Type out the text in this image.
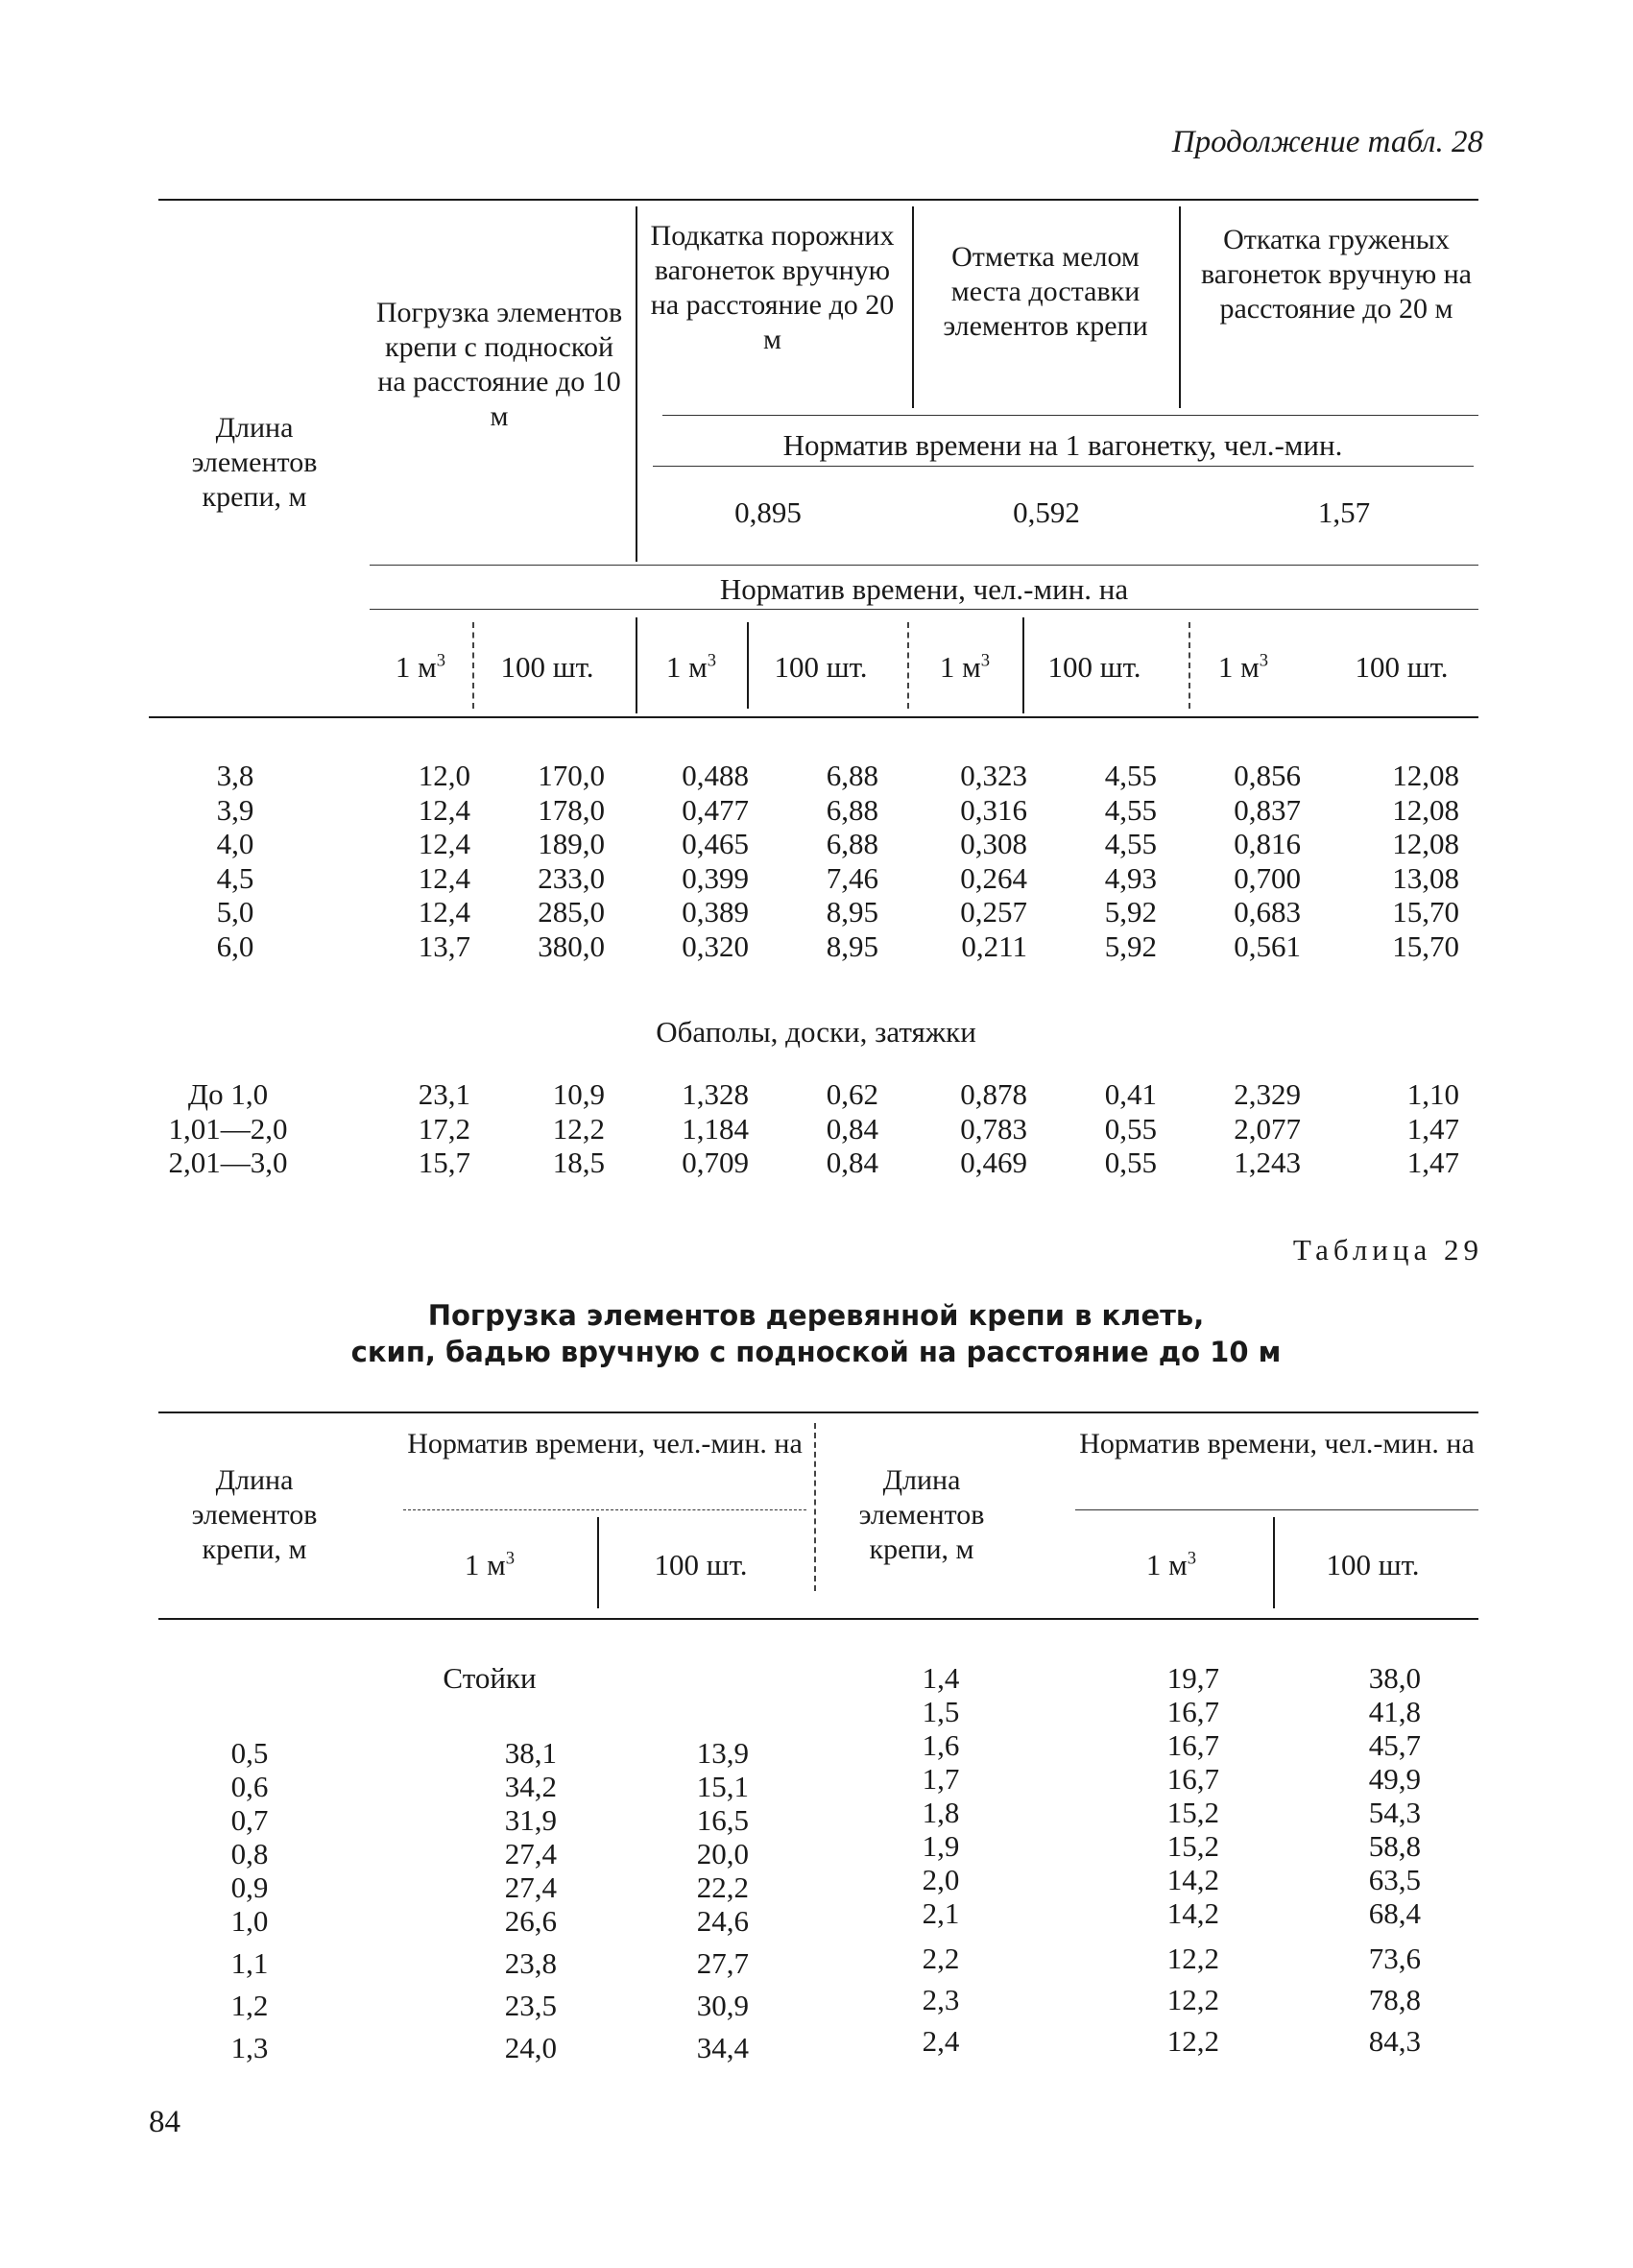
Продолжение табл. 28
Длина элементов крепи, м
Погрузка элементов крепи с подноской на расстояние до 10 м
Подкатка порожних вагонеток вручную на расстояние до 20 м
Отметка мелом места доставки элементов крепи
Откатка груженых вагонеток вручную на расстояние до 20 м
Норматив времени на 1 вагонетку, чел.-мин.
0,895	0,592	1,57
Норматив времени, чел.-мин. на
1 $м^3$	100 шт.	1 $м^3$	100 шт.	1 $м^3$	100 шт.	1 $м^3$	100 шт.
3,8	12,0	170,0	0,488	6,88	0,323	4,55	0,856	12,08
3,9	12,4	178,0	0,477	6,88	0,316	4,55	0,837	12,08
4,0	12,4	189,0	0,465	6,88	0,308	4,55	0,816	12,08
4,5	12,4	233,0	0,399	7,46	0,264	4,93	0,700	13,08
5,0	12,4	285,0	0,389	8,95	0,257	5,92	0,683	15,70
6,0	13,7	380,0	0,320	8,95	0,211	5,92	0,561	15,70
Обаполы, доски, затяжки
До 1,0	23,1	10,9	1,328	0,62	0,878	0,41	2,329	1,10
1,01—2,0	17,2	12,2	1,184	0,84	0,783	0,55	2,077	1,47
2,01—3,0	15,7	18,5	0,709	0,84	0,469	0,55	1,243	1,47
Таблица 29
Погрузка элементов деревянной крепи в клеть,
скип, бадью вручную с подноской на расстояние до 10 м
Длина элементов крепи, м
Норматив времени, чел.-мин. на
Длина элементов крепи, м
Норматив времени, чел.-мин. на
1 $м^3$	100 шт.	1 $м^3$	100 шт.
Стойки
0,5	38,1	13,9
0,6	34,2	15,1
0,7	31,9	16,5
0,8	27,4	20,0
0,9	27,4	22,2
1,0	26,6	24,6
1,1	23,8	27,7
1,2	23,5	30,9
1,3	24,0	34,4
1,4	19,7	38,0
1,5	16,7	41,8
1,6	16,7	45,7
1,7	16,7	49,9
1,8	15,2	54,3
1,9	15,2	58,8
2,0	14,2	63,5
2,1	14,2	68,4
2,2	12,2	73,6
2,3	12,2	78,8
2,4	12,2	84,3
84
